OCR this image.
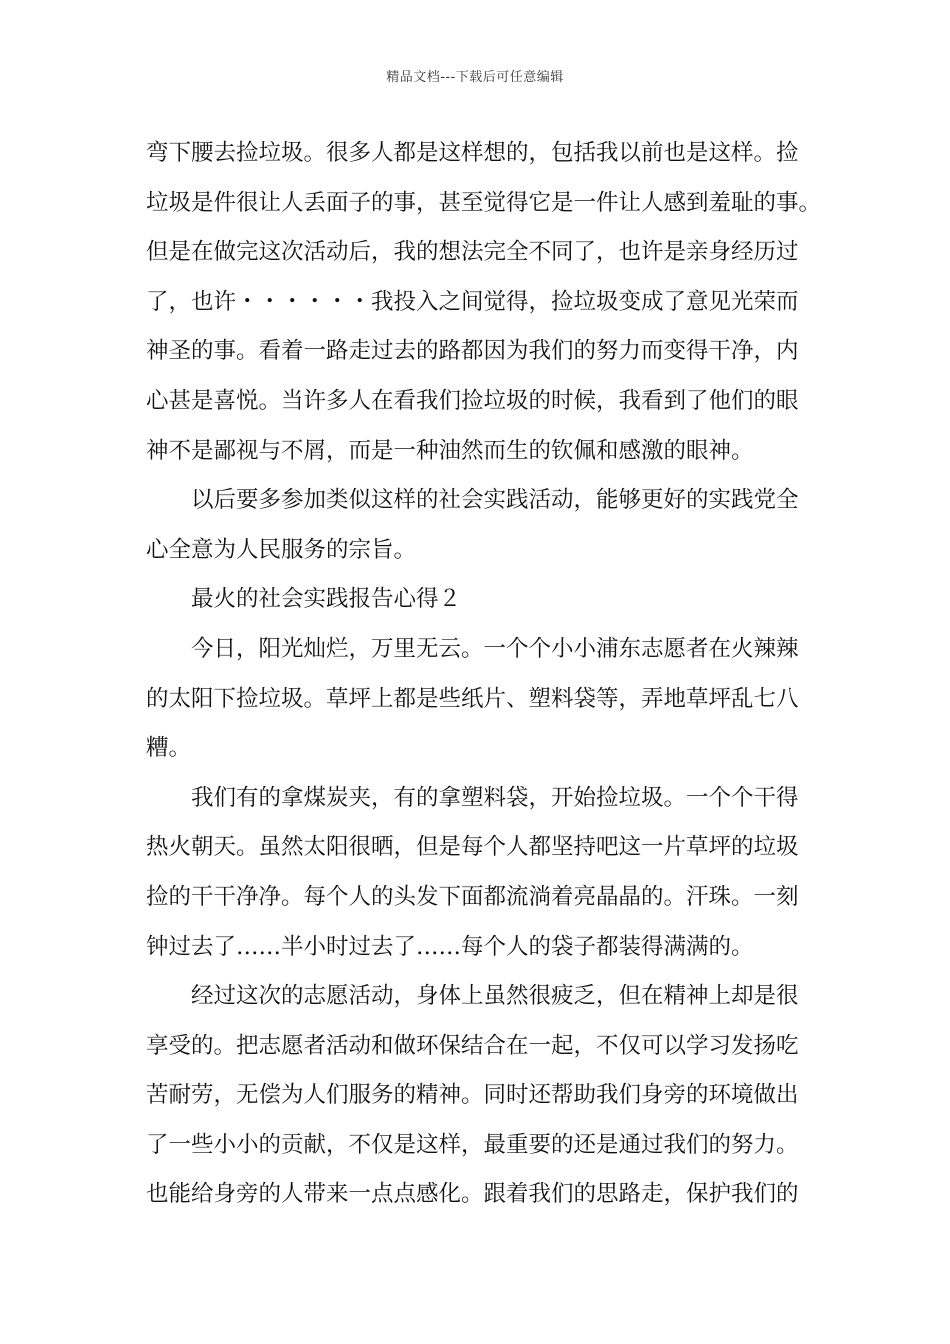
精品文档---下载后可任意编辑

弯下腰去捡垃圾。很多人都是这样想的，包括我以前也是这样。捡
垃圾是件很让人丢面子的事，甚至觉得它是一件让人感到羞耻的事。
但是在做完这次活动后，我的想法完全不同了，也许是亲身经历过
了，也许・・・・・・我投入之间觉得，捡垃圾变成了意见光荣而
神圣的事。看着一路走过去的路都因为我们的努力而变得干净，内
心甚是喜悦。当许多人在看我们捡垃圾的时候，我看到了他们的眼
神不是鄙视与不屑，而是一种油然而生的钦佩和感激的眼神。

以后要多参加类似这样的社会实践活动，能够更好的实践党全
心全意为人民服务的宗旨。

最火的社会实践报告心得２

今日，阳光灿烂，万里无云。一个个小小浦东志愿者在火辣辣
的太阳下捡垃圾。草坪上都是些纸片、塑料袋等，弄地草坪乱七八
糟。

我们有的拿煤炭夹，有的拿塑料袋，开始捡垃圾。一个个干得
热火朝天。虽然太阳很晒，但是每个人都坚持吧这一片草坪的垃圾
捡的干干净净。每个人的头发下面都流淌着亮晶晶的。汗珠。一刻
钟过去了……半小时过去了……每个人的袋子都装得满满的。

经过这次的志愿活动，身体上虽然很疲乏，但在精神上却是很
享受的。把志愿者活动和做环保结合在一起，不仅可以学习发扬吃
苦耐劳，无偿为人们服务的精神。同时还帮助我们身旁的环境做出
了一些小小的贡献，不仅是这样，最重要的还是通过我们的努力。
也能给身旁的人带来一点点感化。跟着我们的思路走，保护我们的
